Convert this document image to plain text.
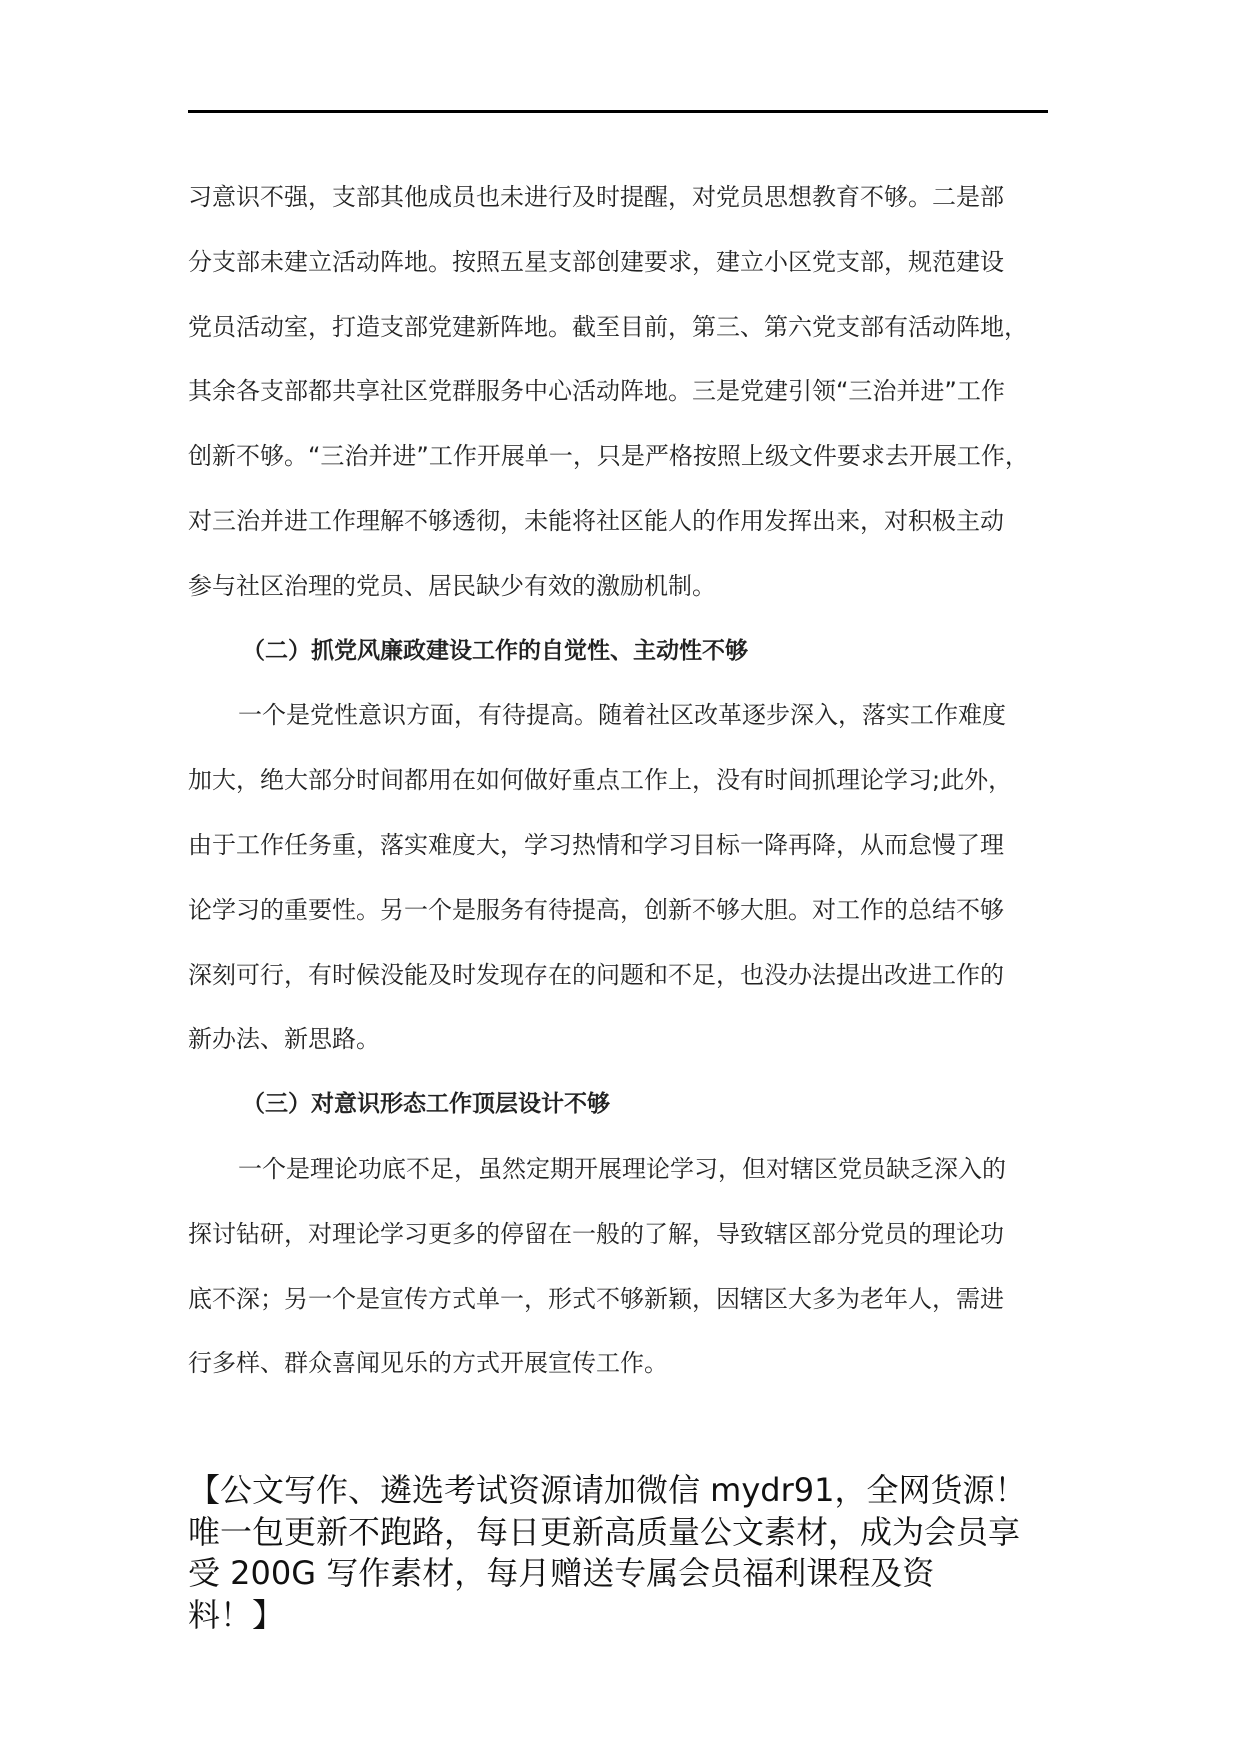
习意识不强，支部其他成员也未进行及时提醒，对党员思想教育不够。二是部
分支部未建立活动阵地。按照五星支部创建要求，建立小区党支部，规范建设
党员活动室，打造支部党建新阵地。截至目前，第三、第六党支部有活动阵地，
其余各支部都共享社区党群服务中心活动阵地。三是党建引领“三治并进”工作
创新不够。“三治并进”工作开展单一，只是严格按照上级文件要求去开展工作，
对三治并进工作理解不够透彻，未能将社区能人的作用发挥出来，对积极主动
参与社区治理的党员、居民缺少有效的激励机制。
（二）抓党风廉政建设工作的自觉性、主动性不够
一个是党性意识方面，有待提高。随着社区改革逐步深入，落实工作难度
加大，绝大部分时间都用在如何做好重点工作上，没有时间抓理论学习;此外，
由于工作任务重，落实难度大，学习热情和学习目标一降再降，从而怠慢了理
论学习的重要性。另一个是服务有待提高，创新不够大胆。对工作的总结不够
深刻可行，有时候没能及时发现存在的问题和不足，也没办法提出改进工作的
新办法、新思路。
（三）对意识形态工作顶层设计不够
一个是理论功底不足，虽然定期开展理论学习，但对辖区党员缺乏深入的
探讨钻研，对理论学习更多的停留在一般的了解，导致辖区部分党员的理论功
底不深；另一个是宣传方式单一，形式不够新颖，因辖区大多为老年人，需进
行多样、群众喜闻见乐的方式开展宣传工作。
【公文写作、遴选考试资源请加微信 mydr91，全网货源！
唯一包更新不跑路，每日更新高质量公文素材，成为会员享
受 200G 写作素材，每月赠送专属会员福利课程及资
料！】
